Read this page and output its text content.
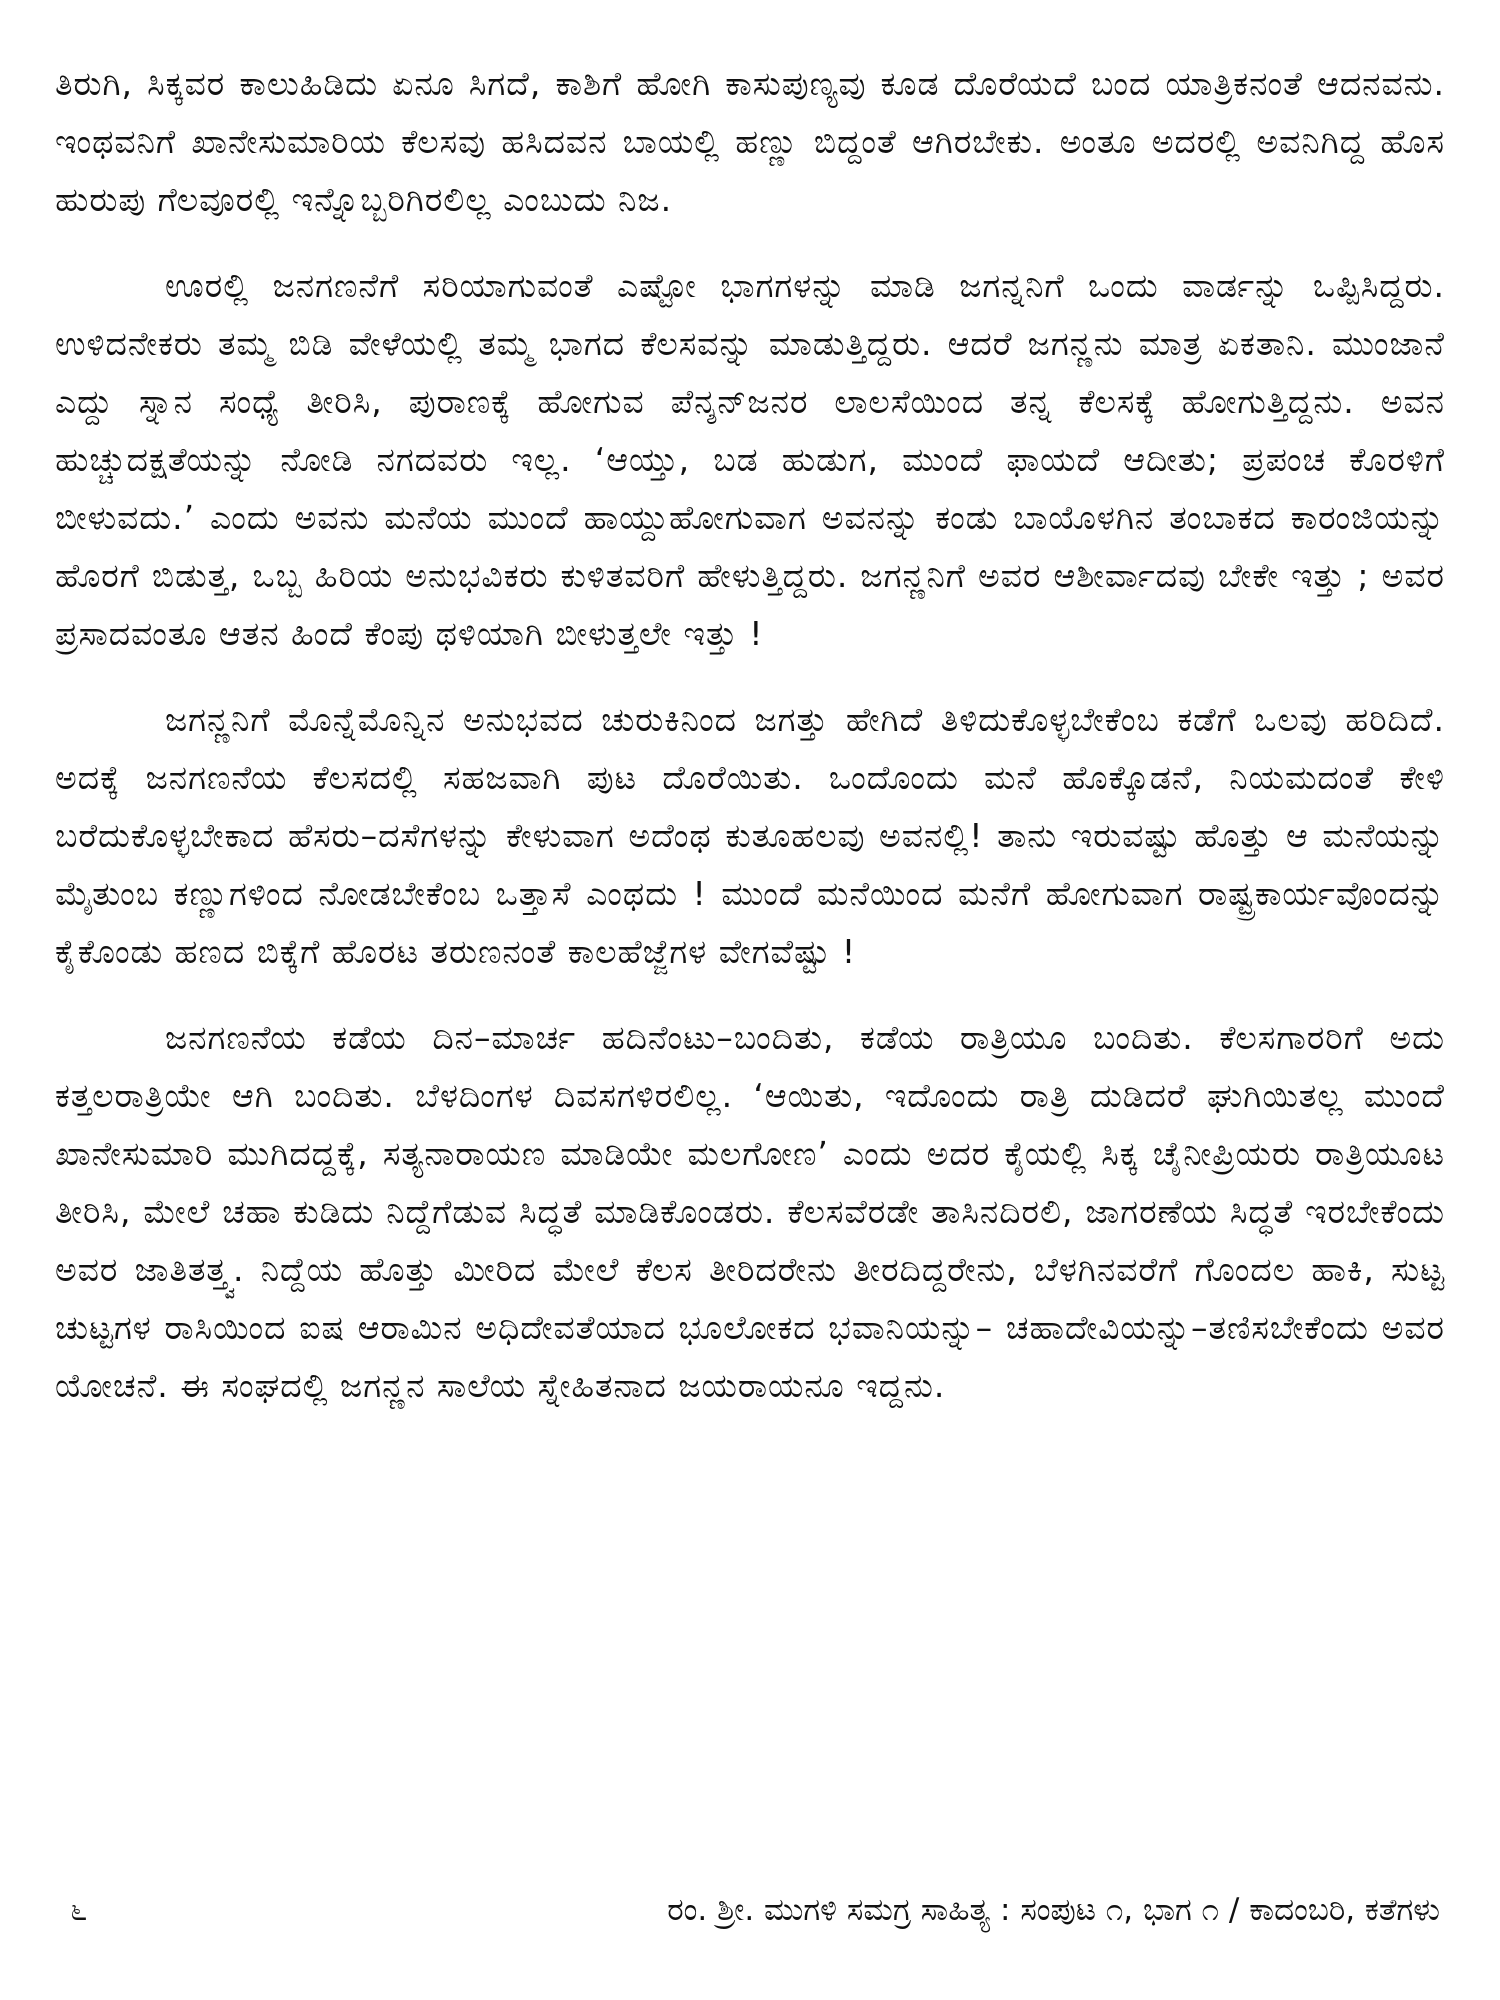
ತಿರುಗಿ, ಸಿಕ್ಕವರ ಕಾಲುಹಿಡಿದು ಏನೂ ಸಿಗದೆ, ಕಾಶಿಗೆ ಹೋಗಿ ಕಾಸುಪುಣ್ಯವು ಕೂಡ ದೊರೆಯದೆ ಬಂದ ಯಾತ್ರಿಕನಂತೆ ಆದನವನು. ಇಂಥವನಿಗೆ ಖಾನೇಸುಮಾರಿಯ ಕೆಲಸವು ಹಸಿದವನ ಬಾಯಲ್ಲಿ ಹಣ್ಣು ಬಿದ್ದಂತೆ ಆಗಿರಬೇಕು. ಅಂತೂ ಅದರಲ್ಲಿ ಅವನಿಗಿದ್ದ ಹೊಸ ಹುರುಪು ಗೆಲವೂರಲ್ಲಿ ಇನ್ನೊಬ್ಬರಿಗಿರಲಿಲ್ಲ ಎಂಬುದು ನಿಜ.

ಊರಲ್ಲಿ ಜನಗಣನೆಗೆ ಸರಿಯಾಗುವಂತೆ ಎಷ್ಟೋ ಭಾಗಗಳನ್ನು ಮಾಡಿ ಜಗನ್ನನಿಗೆ ಒಂದು ವಾರ್ಡನ್ನು ಒಪ್ಪಿಸಿದ್ದರು. ಉಳಿದನೇಕರು ತಮ್ಮ ಬಿಡಿ ವೇಳೆಯಲ್ಲಿ ತಮ್ಮ ಭಾಗದ ಕೆಲಸವನ್ನು ಮಾಡುತ್ತಿದ್ದರು. ಆದರೆ ಜಗನ್ಣನು ಮಾತ್ರ ಏಕತಾನಿ. ಮುಂಜಾನೆ ಎದ್ದು ಸ್ನಾನ ಸಂಧ್ಯೆ ತೀರಿಸಿ, ಪುರಾಣಕ್ಕೆ ಹೋಗುವ ಪೆನ್ಶನ್‌ಜನರ ಲಾಲಸೆಯಿಂದ ತನ್ನ ಕೆಲಸಕ್ಕೆ ಹೋಗುತ್ತಿದ್ದನು. ಅವನ ಹುಚ್ಚುದಕ್ಷತೆಯನ್ನು ನೋಡಿ ನಗದವರು ಇಲ್ಲ. ‘ಆಯ್ತು, ಬಡ ಹುಡುಗ, ಮುಂದೆ ಫಾಯದೆ ಆದೀತು; ಪ್ರಪಂಚ ಕೊರಳಿಗೆ ಬೀಳುವದು.’ ಎಂದು ಅವನು ಮನೆಯ ಮುಂದೆ ಹಾಯ್ದುಹೋಗುವಾಗ ಅವನನ್ನು ಕಂಡು ಬಾಯೊಳಗಿನ ತಂಬಾಕದ ಕಾರಂಜಿಯನ್ನು ಹೊರಗೆ ಬಿಡುತ್ತ, ಒಬ್ಬ ಹಿರಿಯ ಅನುಭವಿಕರು ಕುಳಿತವರಿಗೆ ಹೇಳುತ್ತಿದ್ದರು. ಜಗನ್ಣನಿಗೆ ಅವರ ಆಶೀರ್ವಾದವು ಬೇಕೇ ಇತ್ತು ; ಅವರ ಪ್ರಸಾದವಂತೂ ಆತನ ಹಿಂದೆ ಕೆಂಪು ಥಳಿಯಾಗಿ ಬೀಳುತ್ತಲೇ ಇತ್ತು !

ಜಗನ್ಣನಿಗೆ ಮೊನ್ನೆಮೊನ್ನಿನ ಅನುಭವದ ಚುರುಕಿನಿಂದ ಜಗತ್ತು ಹೇಗಿದೆ ತಿಳಿದುಕೊಳ್ಳಬೇಕೆಂಬ ಕಡೆಗೆ ಒಲವು ಹರಿದಿದೆ. ಅದಕ್ಕೆ ಜನಗಣನೆಯ ಕೆಲಸದಲ್ಲಿ ಸಹಜವಾಗಿ ಪುಟ ದೊರೆಯಿತು. ಒಂದೊಂದು ಮನೆ ಹೊಕ್ಕೊಡನೆ, ನಿಯಮದಂತೆ ಕೇಳಿ ಬರೆದುಕೊಳ್ಳಬೇಕಾದ ಹೆಸರು–ದಸೆಗಳನ್ನು ಕೇಳುವಾಗ ಅದೆಂಥ ಕುತೂಹಲವು ಅವನಲ್ಲಿ! ತಾನು ಇರುವಷ್ಟು ಹೊತ್ತು ಆ ಮನೆಯನ್ನು ಮೈತುಂಬ ಕಣ್ಣುಗಳಿಂದ ನೋಡಬೇಕೆಂಬ ಒತ್ತಾಸೆ ಎಂಥದು ! ಮುಂದೆ ಮನೆಯಿಂದ ಮನೆಗೆ ಹೋಗುವಾಗ ರಾಷ್ಟ್ರಕಾರ್ಯವೊಂದನ್ನು ಕೈಕೊಂಡು ಹಣದ ಬಿಕ್ಕೆಗೆ ಹೊರಟ ತರುಣನಂತೆ ಕಾಲಹೆಜ್ಜೆಗಳ ವೇಗವೆಷ್ಟು !

ಜನಗಣನೆಯ ಕಡೆಯ ದಿನ–ಮಾರ್ಚ ಹದಿನೆಂಟು–ಬಂದಿತು, ಕಡೆಯ ರಾತ್ರಿಯೂ ಬಂದಿತು. ಕೆಲಸಗಾರರಿಗೆ ಅದು ಕತ್ತಲರಾತ್ರಿಯೇ ಆಗಿ ಬಂದಿತು. ಬೆಳದಿಂಗಳ ದಿವಸಗಳಿರಲಿಲ್ಲ. ‘ಆಯಿತು, ಇದೊಂದು ರಾತ್ರಿ ದುಡಿದರೆ ಘುಗಿಯಿತಲ್ಲ ಮುಂದೆ ಖಾನೇಸುಮಾರಿ ಮುಗಿದದ್ದಕ್ಕೆ, ಸತ್ಯನಾರಾಯಣ ಮಾಡಿಯೇ ಮಲಗೋಣ’ ಎಂದು ಅದರ ಕೈಯಲ್ಲಿ ಸಿಕ್ಕ ಚೈನೀಪ್ರಿಯರು ರಾತ್ರಿಯೂಟ ತೀರಿಸಿ, ಮೇಲೆ ಚಹಾ ಕುಡಿದು ನಿದ್ದೆಗೆಡುವ ಸಿದ್ಧತೆ ಮಾಡಿಕೊಂಡರು. ಕೆಲಸವೆರಡೇ ತಾಸಿನದಿರಲಿ, ಜಾಗರಣೆಯ ಸಿದ್ಧತೆ ಇರಬೇಕೆಂದು ಅವರ ಜಾತಿತತ್ತ್ವ. ನಿದ್ದೆಯ ಹೊತ್ತು ಮೀರಿದ ಮೇಲೆ ಕೆಲಸ ತೀರಿದರೇನು ತೀರದಿದ್ದರೇನು, ಬೆಳಗಿನವರೆಗೆ ಗೊಂದಲ ಹಾಕಿ, ಸುಟ್ಟ ಚುಟ್ಟಗಳ ರಾಸಿಯಿಂದ ಐಷ ಆರಾಮಿನ ಅಧಿದೇವತೆಯಾದ ಭೂಲೋಕದ ಭವಾನಿಯನ್ನು– ಚಹಾದೇವಿಯನ್ನು–ತಣಿಸಬೇಕೆಂದು ಅವರ ಯೋಚನೆ. ಈ ಸಂಘದಲ್ಲಿ ಜಗನ್ಣನ ಸಾಲೆಯ ಸ್ನೇಹಿತನಾದ ಜಯರಾಯನೂ ಇದ್ದನು.

೬	ರಂ. ಶ್ರೀ. ಮುಗಳಿ ಸಮಗ್ರ ಸಾಹಿತ್ಯ : ಸಂಪುಟ ೧, ಭಾಗ ೧ / ಕಾದಂಬರಿ, ಕತೆಗಳು
